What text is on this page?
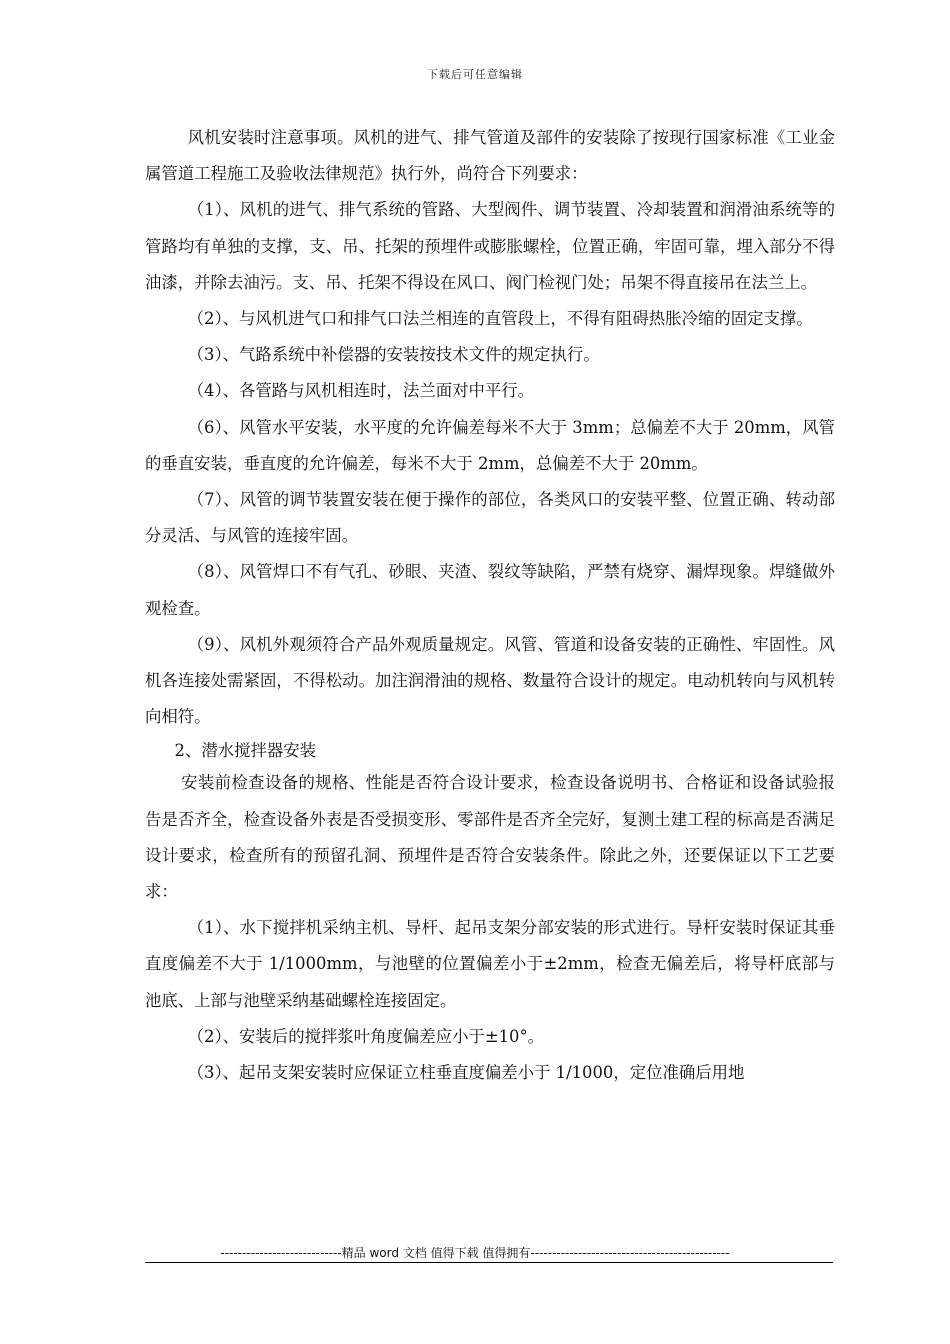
下载后可任意编辑

风机安装时注意事项。风机的进气、排气管道及部件的安装除了按现行国家标准《工业金属管道工程施工及验收法律规范》执行外，尚符合下列要求：

（1）、风机的进气、排气系统的管路、大型阀件、调节装置、冷却装置和润滑油系统等的管路均有单独的支撑，支、吊、托架的预埋件或膨胀螺栓，位置正确，牢固可靠，埋入部分不得油漆，并除去油污。支、吊、托架不得设在风口、阀门检视门处；吊架不得直接吊在法兰上。

（2）、与风机进气口和排气口法兰相连的直管段上，不得有阻碍热胀冷缩的固定支撑。

（3）、气路系统中补偿器的安装按技术文件的规定执行。

（4）、各管路与风机相连时，法兰面对中平行。

（6）、风管水平安装，水平度的允许偏差每米不大于 3mm；总偏差不大于 20mm，风管的垂直安装，垂直度的允许偏差，每米不大于 2mm，总偏差不大于 20mm。

（7）、风管的调节装置安装在便于操作的部位，各类风口的安装平整、位置正确、转动部分灵活、与风管的连接牢固。

（8）、风管焊口不有气孔、砂眼、夹渣、裂纹等缺陷，严禁有烧穿、漏焊现象。焊缝做外观检查。

（9）、风机外观须符合产品外观质量规定。风管、管道和设备安装的正确性、牢固性。风机各连接处需紧固，不得松动。加注润滑油的规格、数量符合设计的规定。电动机转向与风机转向相符。

2、潜水搅拌器安装

安装前检查设备的规格、性能是否符合设计要求，检查设备说明书、合格证和设备试验报告是否齐全，检查设备外表是否受损变形、零部件是否齐全完好，复测土建工程的标高是否满足设计要求，检查所有的预留孔洞、预埋件是否符合安装条件。除此之外，还要保证以下工艺要求：

（1）、水下搅拌机采纳主机、导杆、起吊支架分部安装的形式进行。导杆安装时保证其垂直度偏差不大于 1/1000mm，与池壁的位置偏差小于±2mm，检查无偏差后，将导杆底部与池底、上部与池壁采纳基础螺栓连接固定。

（2）、安装后的搅拌浆叶角度偏差应小于±10°。

（3）、起吊支架安装时应保证立柱垂直度偏差小于 1/1000，定位准确后用地

----------------------------精品 word 文档 值得下载 值得拥有----------------------------------------------
